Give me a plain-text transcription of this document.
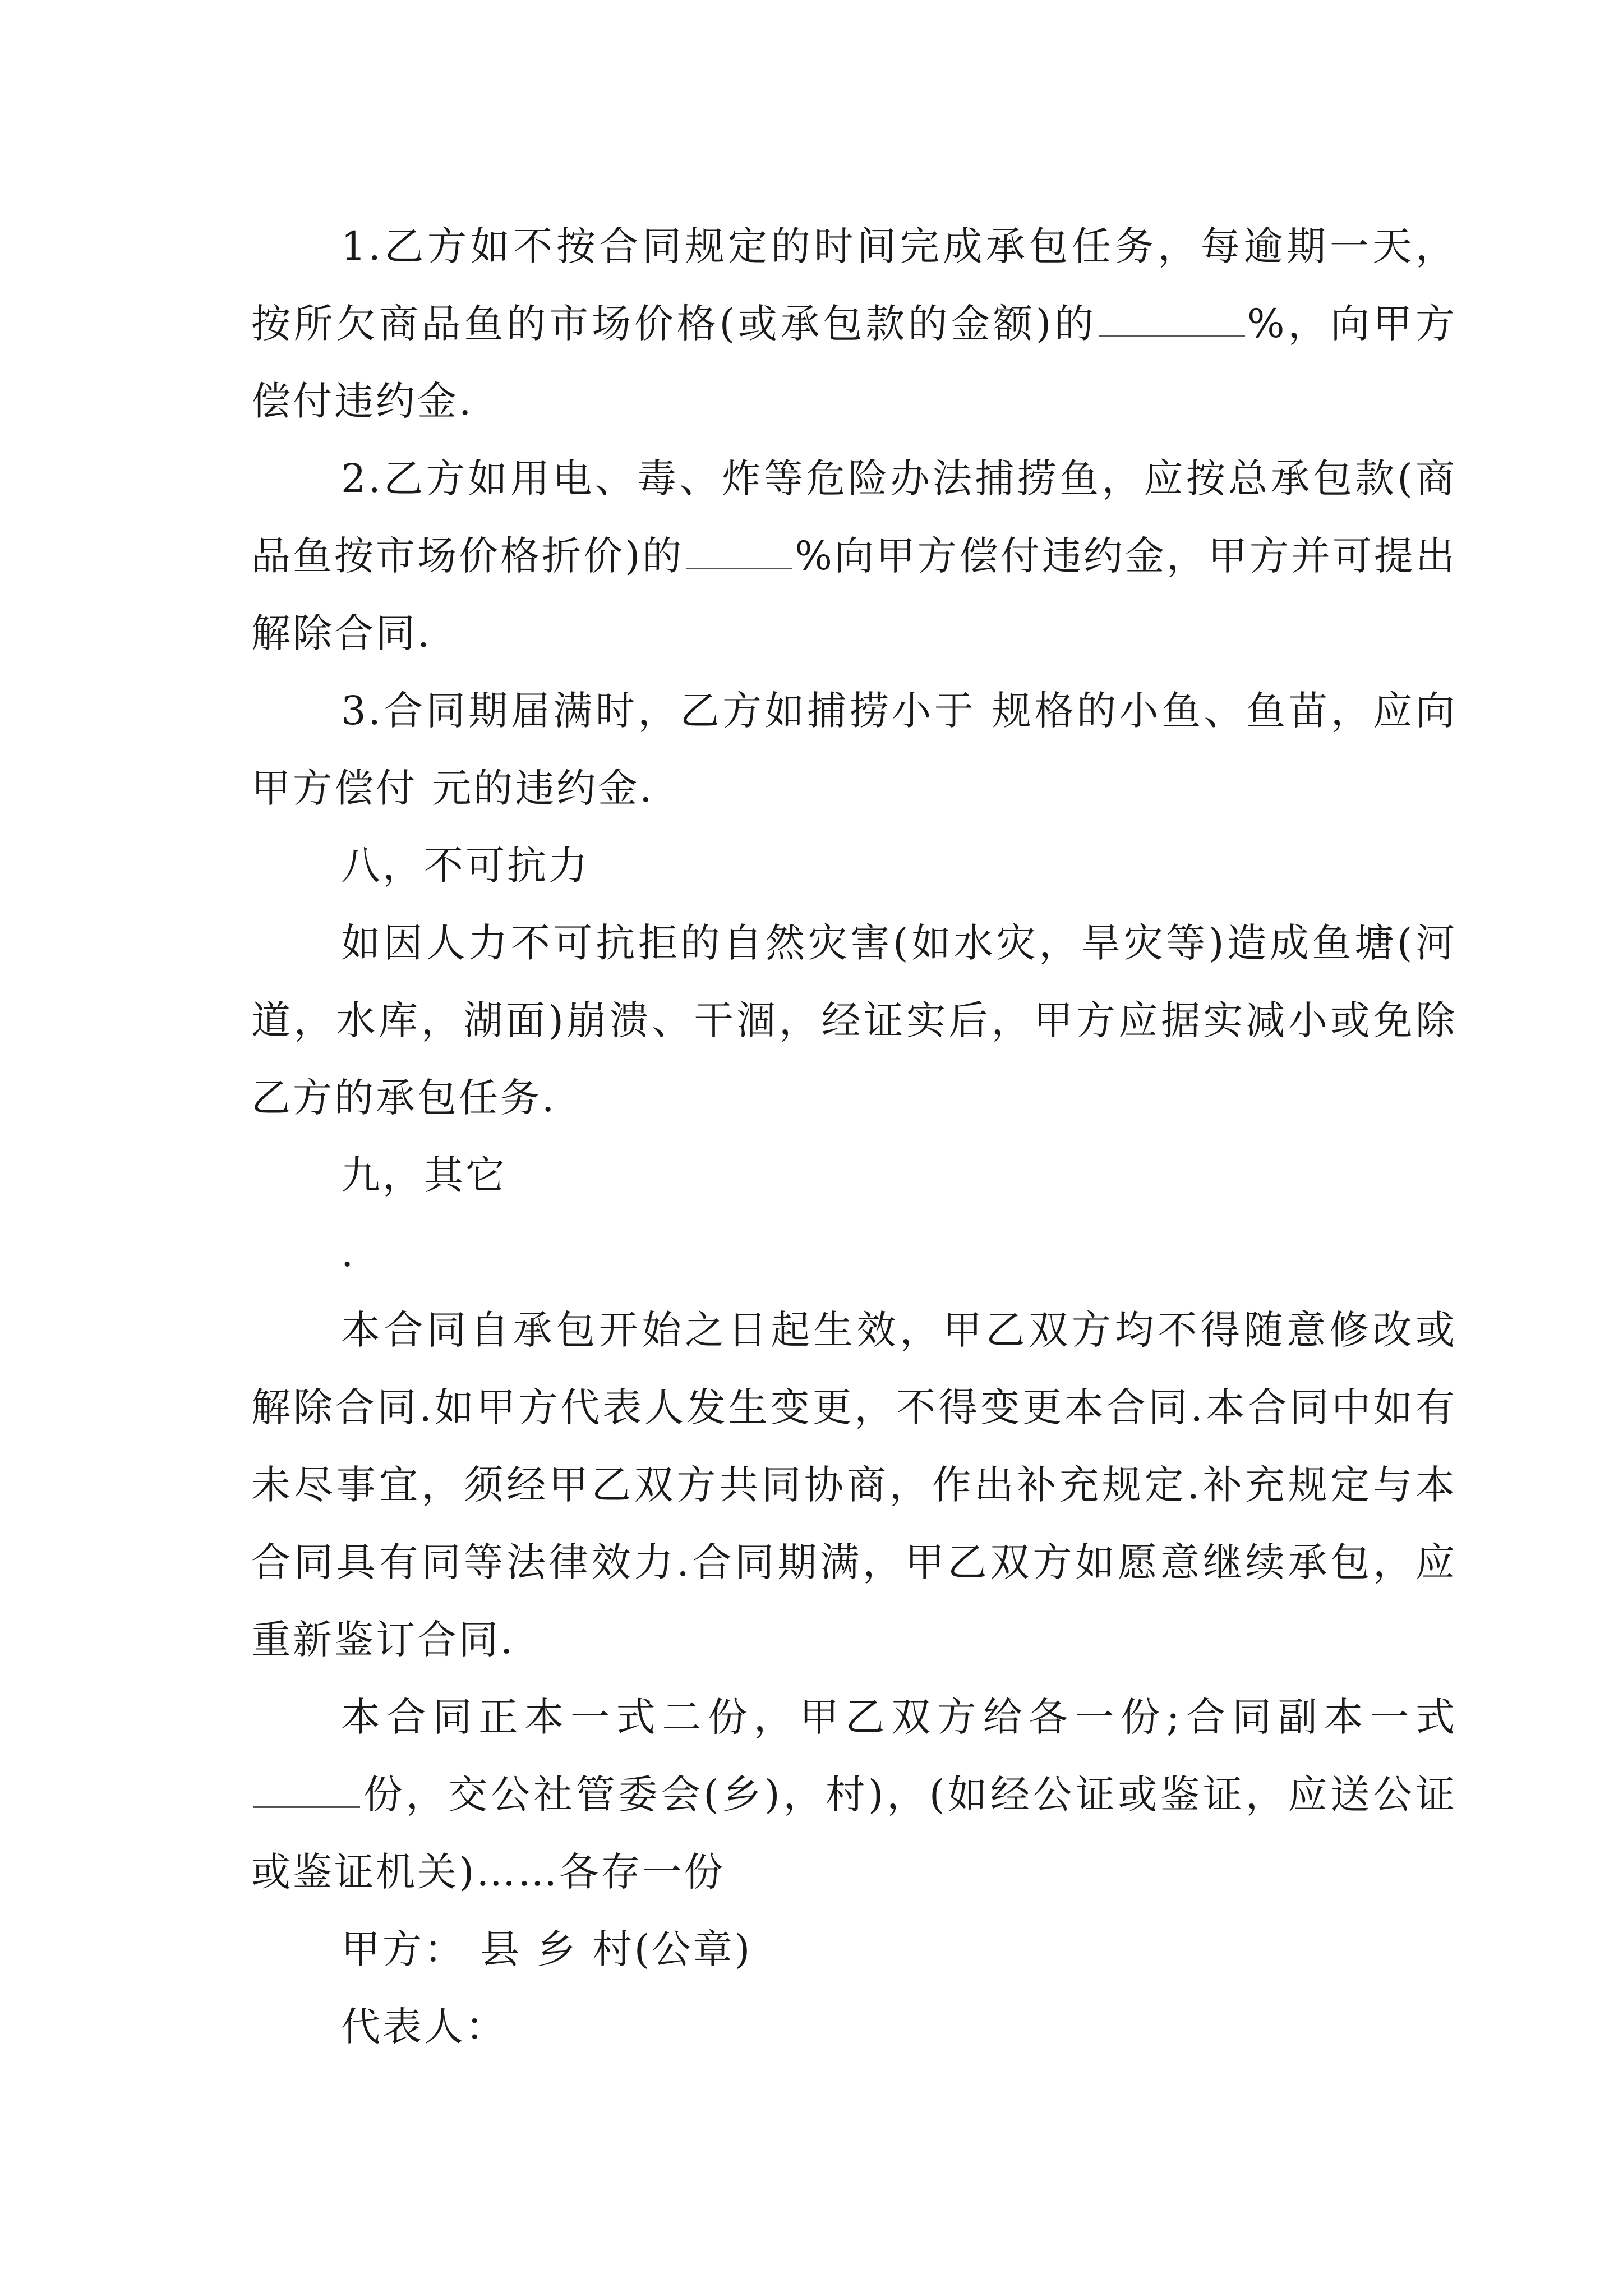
1.乙方如不按合同规定的时间完成承包任务，每逾期一天，按所欠商品鱼的市场价格(或承包款的金额)的	%，向甲方偿付违约金.

2.乙方如用电、毒、炸等危险办法捕捞鱼，应按总承包款(商品鱼按市场价格折价)的	%向甲方偿付违约金，甲方并可提出解除合同.

3.合同期届满时，乙方如捕捞小于 规格的小鱼、鱼苗，应向甲方偿付 元的违约金.

八，不可抗力

如因人力不可抗拒的自然灾害(如水灾，旱灾等)造成鱼塘(河道，水库，湖面)崩溃、干涸，经证实后，甲方应据实减小或免除乙方的承包任务.

九，其它

.

本合同自承包开始之日起生效，甲乙双方均不得随意修改或解除合同.如甲方代表人发生变更，不得变更本合同.本合同中如有未尽事宜，须经甲乙双方共同协商，作出补充规定.补充规定与本合同具有同等法律效力.合同期满，甲乙双方如愿意继续承包，应重新鉴订合同.

本合同正本一式二份，甲乙双方给各一份;合同副本一式份，交公社管委会(乡)，村)，(如经公证或鉴证，应送公证或鉴证机关)……各存一份

甲方： 县 乡 村(公章)

代表人：
